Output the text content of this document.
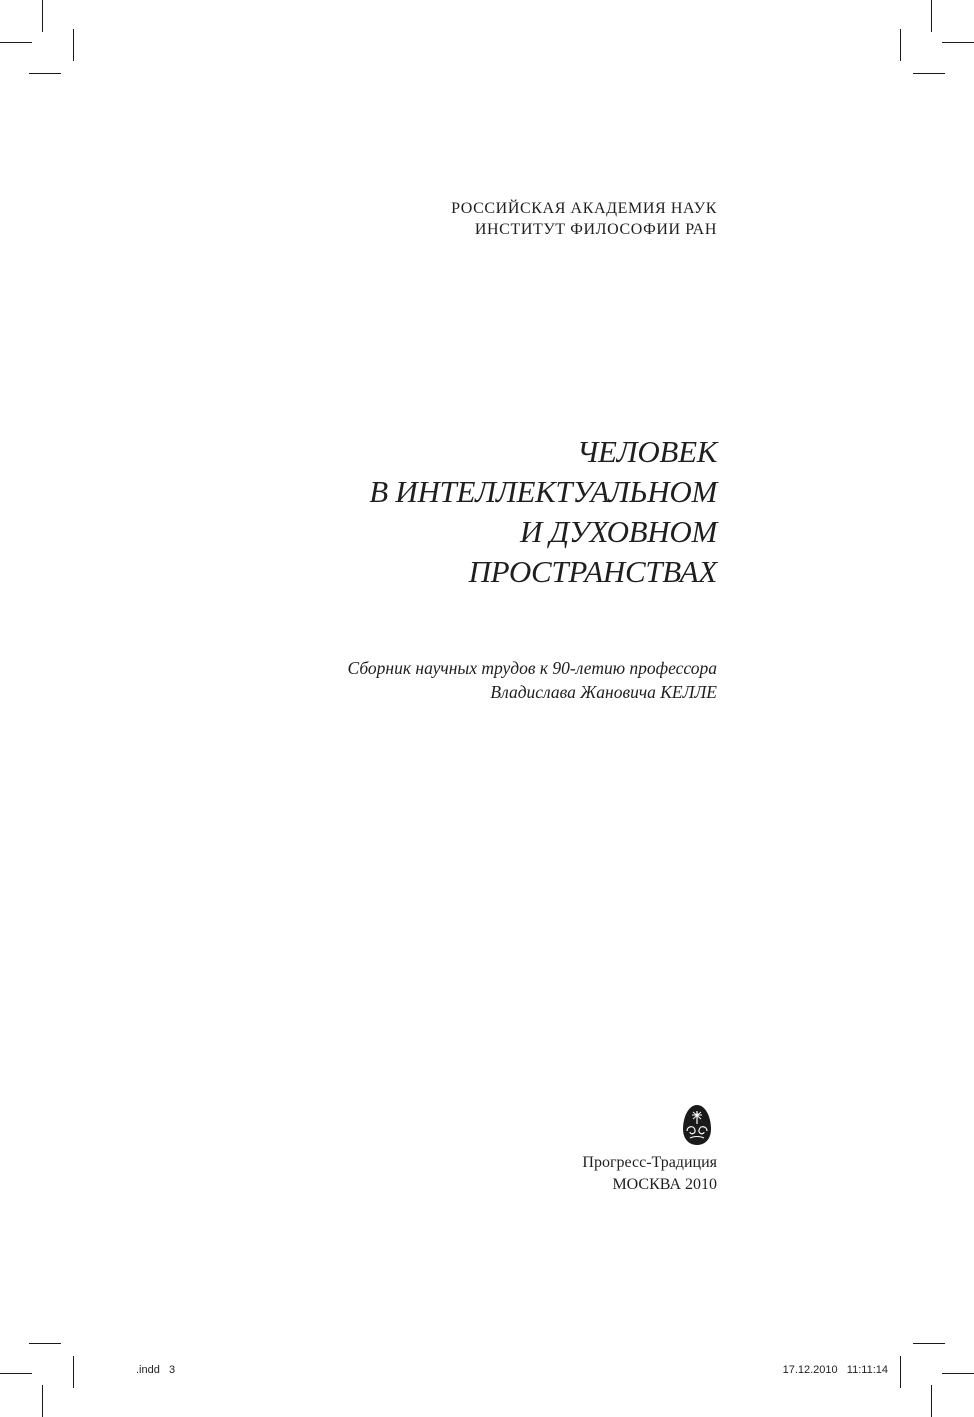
РОССИЙСКАЯ АКАДЕМИЯ НАУК
ИНСТИТУТ ФИЛОСОФИИ РАН
ЧЕЛОВЕК
В ИНТЕЛЛЕКТУАЛЬНОМ
И ДУХОВНОМ
ПРОСТРАНСТВАХ
Сборник научных трудов к 90-летию профессора
Владислава Жановича КЕЛЛЕ
Прогресс-Традиция
МОСКВА 2010
.indd   3	17.12.2010   11:11:14
